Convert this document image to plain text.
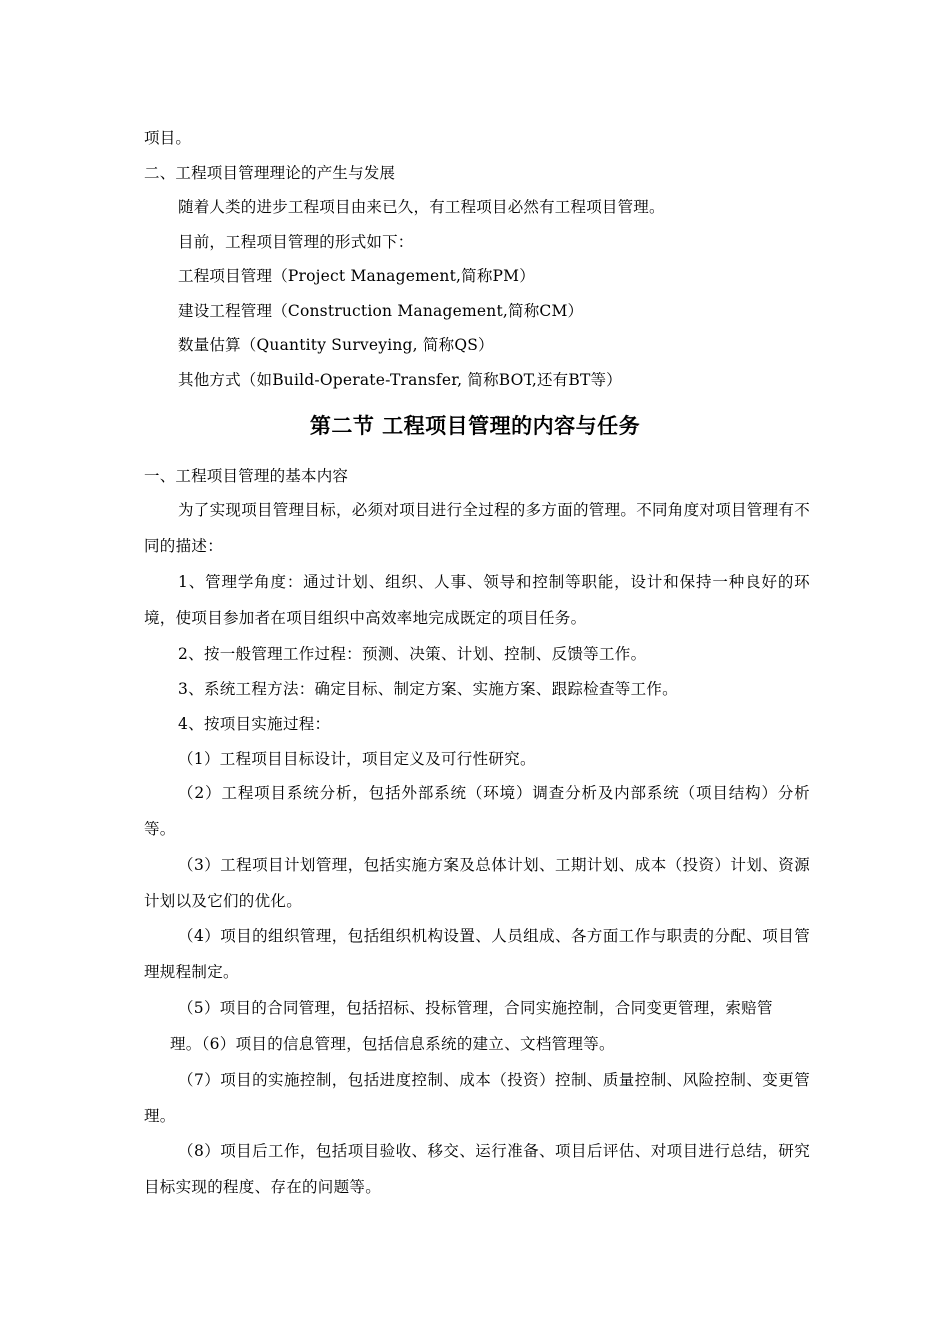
项目。
二、工程项目管理理论的产生与发展
随着人类的进步工程项目由来已久，有工程项目必然有工程项目管理。
目前，工程项目管理的形式如下：
工程项目管理（Project Management,简称PM）
建设工程管理（Construction Management,简称CM）
数量估算（Quantity Surveying, 简称QS）
其他方式（如Build-Operate-Transfer, 简称BOT,还有BT等）
第二节 工程项目管理的内容与任务
一、工程项目管理的基本内容
为了实现项目管理目标，必须对项目进行全过程的多方面的管理。不同角度对项目管理有不同的描述：
1、管理学角度：通过计划、组织、人事、领导和控制等职能，设计和保持一种良好的环境，使项目参加者在项目组织中高效率地完成既定的项目任务。
2、按一般管理工作过程：预测、决策、计划、控制、反馈等工作。
3、系统工程方法：确定目标、制定方案、实施方案、跟踪检查等工作。
4、按项目实施过程：
（1）工程项目目标设计，项目定义及可行性研究。
（2）工程项目系统分析，包括外部系统（环境）调查分析及内部系统（项目结构）分析等。
（3）工程项目计划管理，包括实施方案及总体计划、工期计划、成本（投资）计划、资源计划以及它们的优化。
（4）项目的组织管理，包括组织机构设置、人员组成、各方面工作与职责的分配、项目管理规程制定。
（5）项目的合同管理，包括招标、投标管理，合同实施控制，合同变更管理，索赔管
理。（6）项目的信息管理，包括信息系统的建立、文档管理等。
（7）项目的实施控制，包括进度控制、成本（投资）控制、质量控制、风险控制、变更管理。
（8）项目后工作，包括项目验收、移交、运行准备、项目后评估、对项目进行总结，研究目标实现的程度、存在的问题等。
